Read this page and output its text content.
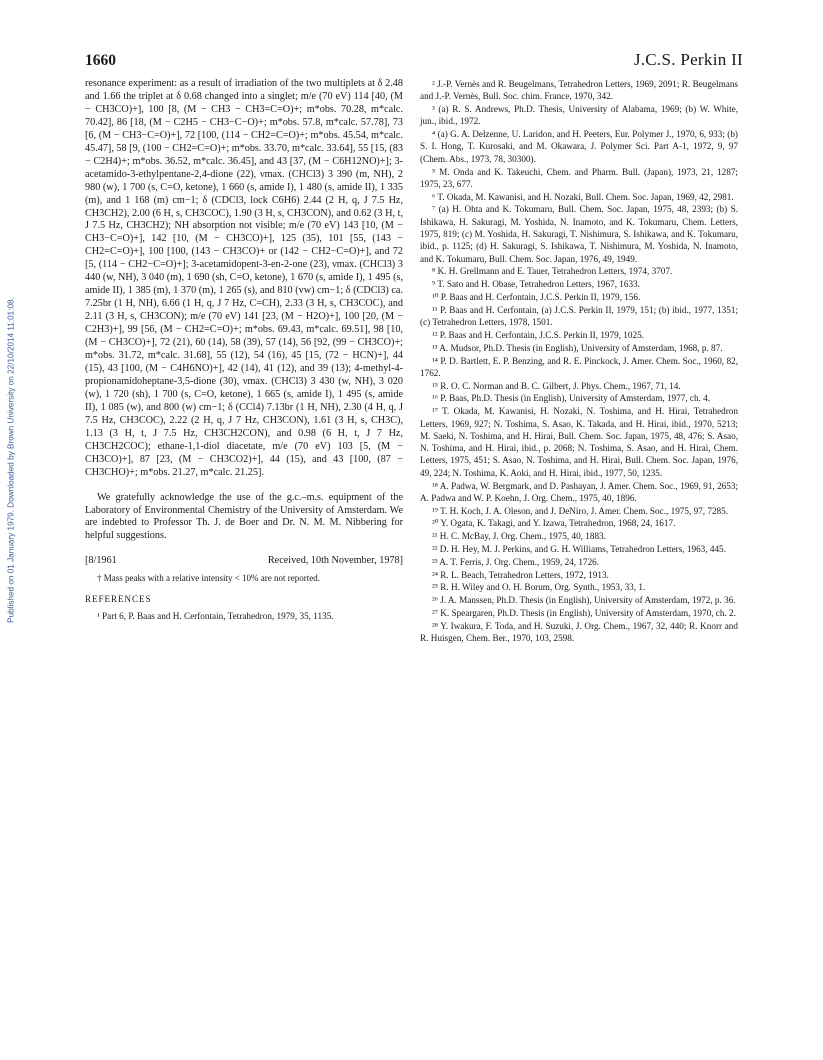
Published on 01 January 1979. Downloaded by Brown University on 22/10/2014 11:01:08.
1660	J.C.S. Perkin II

resonance experiment: as a result of irradiation of the two multiplets at δ 2.48 and 1.66 the triplet at δ 0.68 changed into a singlet; m/e (70 eV) 114 [40, (M − CH3CO)+], 100 [8, (M − CH3 − CH3=C=O)+; m*obs. 70.28, m*calc. 70.42], 86 [18, (M − C2H5 − CH3−C−O)+; m*obs. 57.8, m*calc. 57.78], 73 [6, (M − CH3−C=O)+], 72 [100, (114 − CH2=C=O)+; m*obs. 45.54, m*calc. 45.47], 58 [9, (100 − CH2=C=O)+; m*obs. 33.70, m*calc. 33.64], 55 [15, (83 − C2H4)+; m*obs. 36.52, m*calc. 36.45], and 43 [37, (M − C6H12NO)+]; 3-acetamido-3-ethylpentane-2,4-dione (22), νmax. (CHCl3) 3 390 (m, NH), 2 980 (w), 1 700 (s, C=O, ketone), 1 660 (s, amide I), 1 480 (s, amide II), 1 335 (m), and 1 168 (m) cm−1; δ (CDCl3, lock C6H6) 2.44 (2 H, q, J 7.5 Hz, CH3CH2), 2.00 (6 H, s, CH3COC), 1.90 (3 H, s, CH3CON), and 0.62 (3 H, t, J 7.5 Hz, CH3CH2); NH absorption not visible; m/e (70 eV) 143 [10, (M − CH3−C=O)+], 142 [10, (M − CH3CO)+], 125 (35), 101 [55, (143 − CH2=C=O)+], 100 [100, (143 − CH3CO)+ or (142 − CH2−C=O)+], and 72 [5, (114 − CH2−C=O)+]; 3-acetamidopent-3-en-2-one (23), νmax. (CHCl3) 3 440 (w, NH), 3 040 (m), 1 690 (sh, C=O, ketone), 1 670 (s, amide I), 1 495 (s, amide II), 1 385 (m), 1 370 (m), 1 265 (s), and 810 (vw) cm−1; δ (CDCl3) ca. 7.25br (1 H, NH), 6.66 (1 H, q, J 7 Hz, C=CH), 2.33 (3 H, s, CH3COC), and 2.11 (3 H, s, CH3CON); m/e (70 eV) 141 [23, (M − H2O)+], 100 [20, (M − C2H3)+], 99 [56, (M − CH2=C=O)+; m*obs. 69.43, m*calc. 69.51], 98 [10, (M − CH3CO)+], 72 (21), 60 (14), 58 (39), 57 (14), 56 [92, (99 − CH3CO)+; m*obs. 31.72, m*calc. 31.68], 55 (12), 54 (16), 45 [15, (72 − HCN)+], 44 (15), 43 [100, (M − C4H6NO)+], 42 (14), 41 (12), and 39 (13); 4-methyl-4-propionamidoheptane-3,5-dione (30), νmax. (CHCl3) 3 430 (w, NH), 3 020 (w), 1 720 (sh), 1 700 (s, C=O, ketone), 1 665 (s, amide I), 1 495 (s, amide II), 1 085 (w), and 800 (w) cm−1; δ (CCl4) 7.13br (1 H, NH), 2.30 (4 H, q, J 7.5 Hz, CH3COC), 2.22 (2 H, q, J 7 Hz, CH3CON), 1.61 (3 H, s, CH3C), 1.13 (3 H, t, J 7.5 Hz, CH3CH2CON), and 0.98 (6 H, t, J 7 Hz, CH3CH2COC); ethane-1,1-diol diacetate, m/e (70 eV) 103 [5, (M − CH3CO)+], 87 [23, (M − CH3CO2)+], 44 (15), and 43 [100, (87 − CH3CHO)+; m*obs. 21.27, m*calc. 21.25].

We gratefully acknowledge the use of the g.c.–m.s. equipment of the Laboratory of Environmental Chemistry of the University of Amsterdam. We are indebted to Professor Th. J. de Boer and Dr. N. M. M. Nibbering for helpful suggestions.

[8/1961	Received, 10th November, 1978]
† Mass peaks with a relative intensity < 10% are not reported.
REFERENCES
¹ Part 6, P. Baas and H. Cerfontain, Tetrahedron, 1979, 35, 1135.
² J.-P. Vernès and R. Beugelmans, Tetrahedron Letters, 1969, 2091; R. Beugelmans and J.-P. Vernès, Bull. Soc. chim. France, 1970, 342.
³ (a) R. S. Andrews, Ph.D. Thesis, University of Alabama, 1969; (b) W. White, jun., ibid., 1972.
⁴ (a) G. A. Delzenne, U. Laridon, and H. Peeters, Eur. Polymer J., 1970, 6, 933; (b) S. I. Hong, T. Kurosaki, and M. Okawara, J. Polymer Sci. Part A-1, 1972, 9, 97 (Chem. Abs., 1973, 78, 30300).
⁵ M. Onda and K. Takeuchi, Chem. and Pharm. Bull. (Japan), 1973, 21, 1287; 1975, 23, 677.
⁶ T. Okada, M. Kawanisi, and H. Nozaki, Bull. Chem. Soc. Japan, 1969, 42, 2981.
⁷ (a) H. Ohta and K. Tokumaru, Bull. Chem. Soc. Japan, 1975, 48, 2393; (b) S. Ishikawa, H. Sakuragi, M. Yoshida, N. Inamoto, and K. Tokumaru, Chem. Letters, 1975, 819; (c) M. Yoshida, H. Sakuragi, T. Nishimura, S. Ishikawa, and K. Tokumaru, ibid., p. 1125; (d) H. Sakuragi, S. Ishikawa, T. Nishimura, M. Yoshida, N. Inamoto, and K. Tokumaru, Bull. Chem. Soc. Japan, 1976, 49, 1949.
⁸ K. H. Grellmann and E. Tauer, Tetrahedron Letters, 1974, 3707.
⁹ T. Sato and H. Obase, Tetrahedron Letters, 1967, 1633.
¹⁰ P. Baas and H. Cerfontain, J.C.S. Perkin II, 1979, 156.
¹¹ P. Baas and H. Cerfontain, (a) J.C.S. Perkin II, 1979, 151; (b) ibid., 1977, 1351; (c) Tetrahedron Letters, 1978, 1501.
¹² P. Baas and H. Cerfontain, J.C.S. Perkin II, 1979, 1025.
¹³ A. Mudsor, Ph.D. Thesis (in English), University of Amsterdam, 1968, p. 87.
¹⁴ P. D. Bartlett, E. P. Benzing, and R. E. Pinckock, J. Amer. Chem. Soc., 1960, 82, 1762.
¹⁵ R. O. C. Norman and B. C. Gilbert, J. Phys. Chem., 1967, 71, 14.
¹⁶ P. Baas, Ph.D. Thesis (in English), University of Amsterdam, 1977, ch. 4.
¹⁷ T. Okada, M. Kawanisi, H. Nozaki, N. Toshima, and H. Hirai, Tetrahedron Letters, 1969, 927; N. Toshima, S. Asao, K. Takada, and H. Hirai, ibid., 1970, 5213; M. Saeki, N. Toshima, and H. Hirai, Bull. Chem. Soc. Japan, 1975, 48, 476; S. Asao, N. Toshima, and H. Hirai, ibid., p. 2068; N. Toshima, S. Asao, and H. Hirai, Chem. Letters, 1975, 451; S. Asao, N. Toshima, and H. Hirai, Bull. Chem. Soc. Japan, 1976, 49, 224; N. Toshima, K. Aoki, and H. Hirai, ibid., 1977, 50, 1235.
¹⁸ A. Padwa, W. Bergmark, and D. Pashayan, J. Amer. Chem. Soc., 1969, 91, 2653; A. Padwa and W. P. Koehn, J. Org. Chem., 1975, 40, 1896.
¹⁹ T. H. Koch, J. A. Oleson, and J. DeNiro, J. Amer. Chem. Soc., 1975, 97, 7285.
²⁰ Y. Ogata, K. Takagi, and Y. Izawa, Tetrahedron, 1968, 24, 1617.
²¹ H. C. McBay, J. Org. Chem., 1975, 40, 1883.
²² D. H. Hey, M. J. Perkins, and G. H. Williams, Tetrahedron Letters, 1963, 445.
²³ A. T. Ferris, J. Org. Chem., 1959, 24, 1726.
²⁴ R. L. Beach, Tetrahedron Letters, 1972, 1913.
²⁵ R. H. Wiley and O. H. Borum, Org. Synth., 1953, 33, 1.
²⁶ J. A. Manssen, Ph.D. Thesis (in English), University of Amsterdam, 1972, p. 36.
²⁷ K. Speargaren, Ph.D. Thesis (in English), University of Amsterdam, 1970, ch. 2.
²⁸ Y. Iwakura, F. Toda, and H. Suzuki, J. Org. Chem., 1967, 32, 440; R. Knorr and R. Huisgen, Chem. Ber., 1970, 103, 2598.
